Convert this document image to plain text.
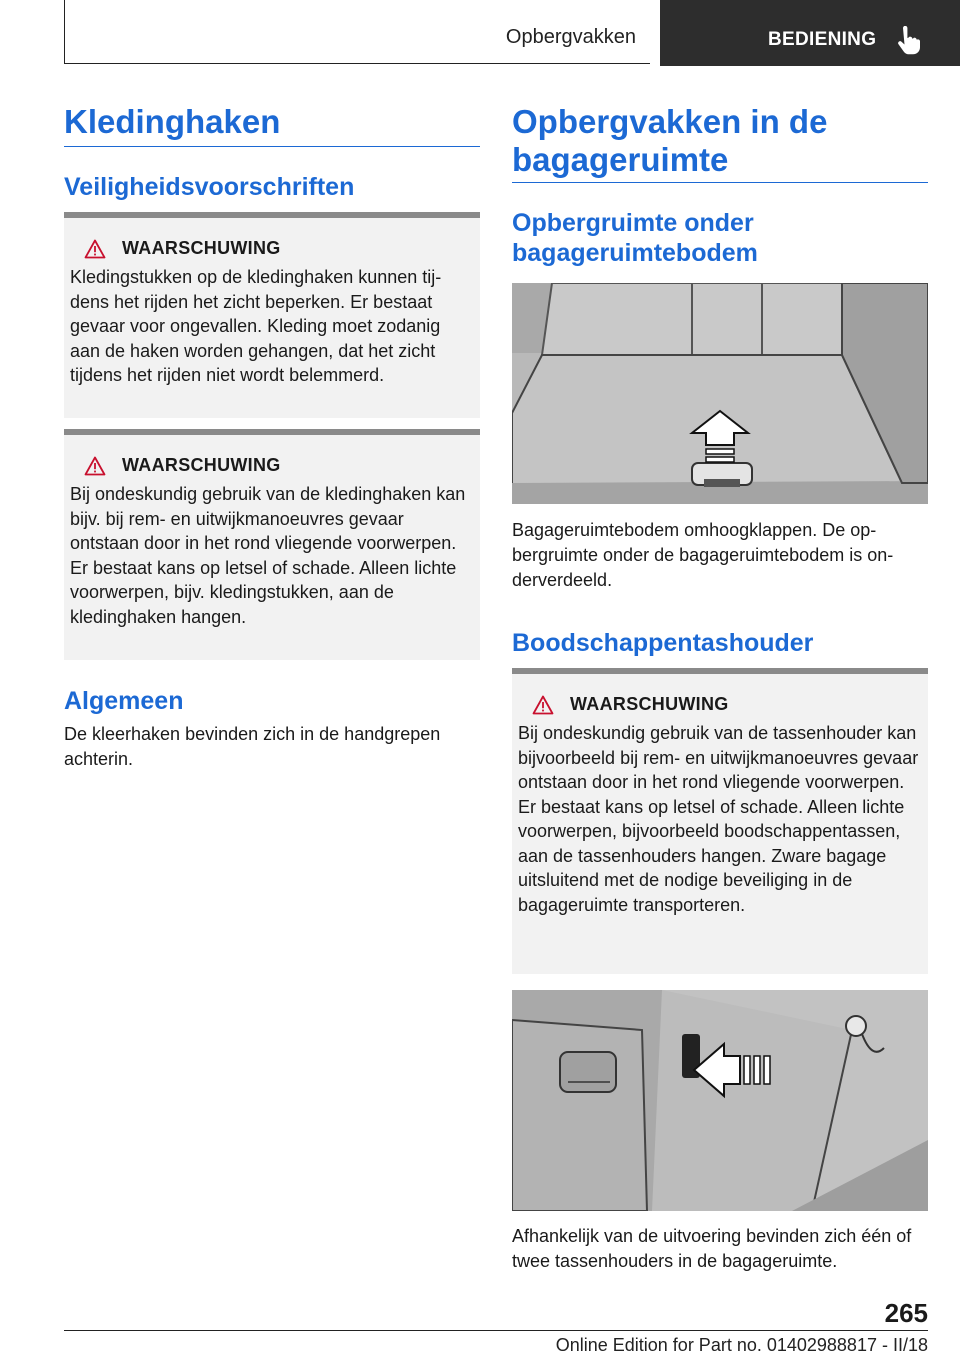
Opbergvakken	BEDIENING
Kledinghaken
Veiligheidsvoorschriften
WAARSCHUWING

Kledingstukken op de kledinghaken kunnen tijdens het rijden het zicht beperken. Er bestaat gevaar voor ongevallen. Kleding moet zodanig aan de haken worden gehangen, dat het zicht tijdens het rijden niet wordt belemmerd.

WAARSCHUWING

Bij ondeskundig gebruik van de kledinghaken kan bijv. bij rem- en uitwijkmanoeuvres gevaar ontstaan door in het rond vliegende voorwerpen. Er bestaat kans op letsel of schade. Alleen lichte voorwerpen, bijv. kledingstukken, aan de kledinghaken hangen.

Algemeen

De kleerhaken bevinden zich in de handgrepen achterin.

Opbergvakken in de bagageruimte
Opbergruimte onder bagageruimtebodem

Bagageruimtebodem omhoogklappen. De opbergruimte onder de bagageruimtebodem is onderverdeeld.

Boodschappentashouder
WAARSCHUWING

Bij ondeskundig gebruik van de tassenhouder kan bijvoorbeeld bij rem- en uitwijkmanoeuvres gevaar ontstaan door in het rond vliegende voorwerpen. Er bestaat kans op letsel of schade. Alleen lichte voorwerpen, bijvoorbeeld boodschappentassen, aan de tassenhouders hangen. Zware bagage uitsluitend met de nodige beveiliging in de bagageruimte transporteren.

Afhankelijk van de uitvoering bevinden zich één of twee tassenhouders in de bagageruimte.

265
Online Edition for Part no. 01402988817 - II/18
